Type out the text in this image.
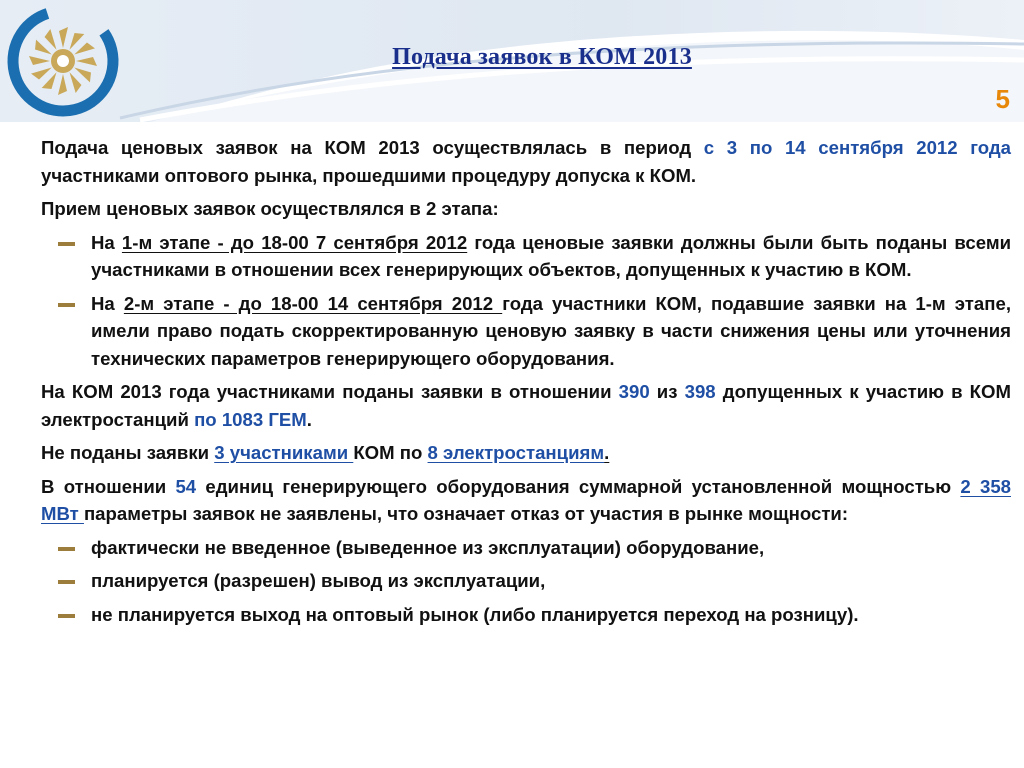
Подача заявок в КОМ 2013
5

Подача ценовых заявок на КОМ 2013 осуществлялась в период с 3 по 14 сентября 2012 года участниками оптового рынка, прошедшими процедуру допуска к КОМ.

Прием ценовых заявок осуществлялся в 2 этапа:

На 1-м этапе - до 18-00 7 сентября 2012 года ценовые заявки должны были быть поданы всеми участниками в отношении всех генерирующих объектов, допущенных к участию в КОМ.
На 2-м этапе - до 18-00 14 сентября 2012 года участники КОМ, подавшие заявки на 1-м этапе, имели право подать скорректированную ценовую заявку в части снижения цены или уточнения технических параметров генерирующего оборудования.

На КОМ 2013 года участниками поданы заявки в отношении 390 из 398 допущенных к участию в КОМ электростанций по 1083 ГЕМ.

Не поданы заявки 3 участниками КОМ по 8 электростанциям.

В отношении 54 единиц генерирующего оборудования суммарной установленной мощностью 2 358 МВт параметры заявок не заявлены, что означает отказ от участия в рынке мощности:

фактически не введенное (выведенное из эксплуатации) оборудование,
планируется (разрешен) вывод из эксплуатации,
не планируется выход на оптовый рынок (либо планируется переход на розницу).
